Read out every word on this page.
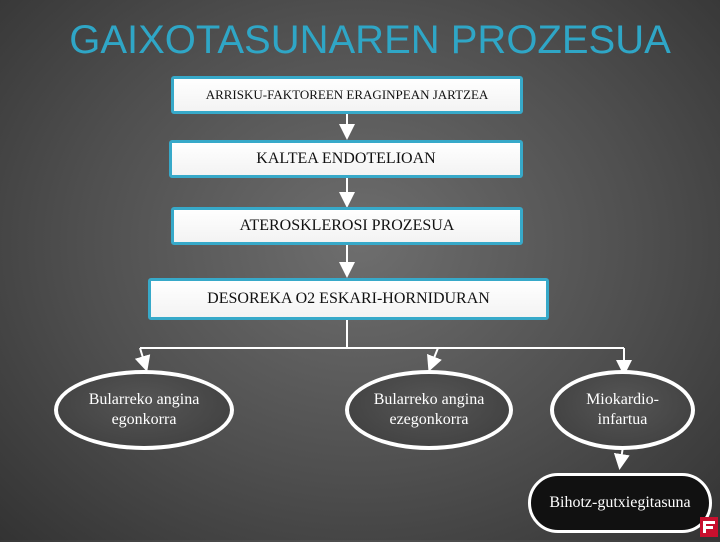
GAIXOTASUNAREN PROZESUA
ARRISKU-FAKTOREEN ERAGINPEAN JARTZEA
KALTEA ENDOTELIOAN
ATEROSKLEROSI PROZESUA
DESOREKA O2 ESKARI-HORNIDURAN
Bularreko angina
egonkorra
Bularreko angina
ezegonkorra
Miokardio-
infartua
Bihotz-gutxiegitasuna
